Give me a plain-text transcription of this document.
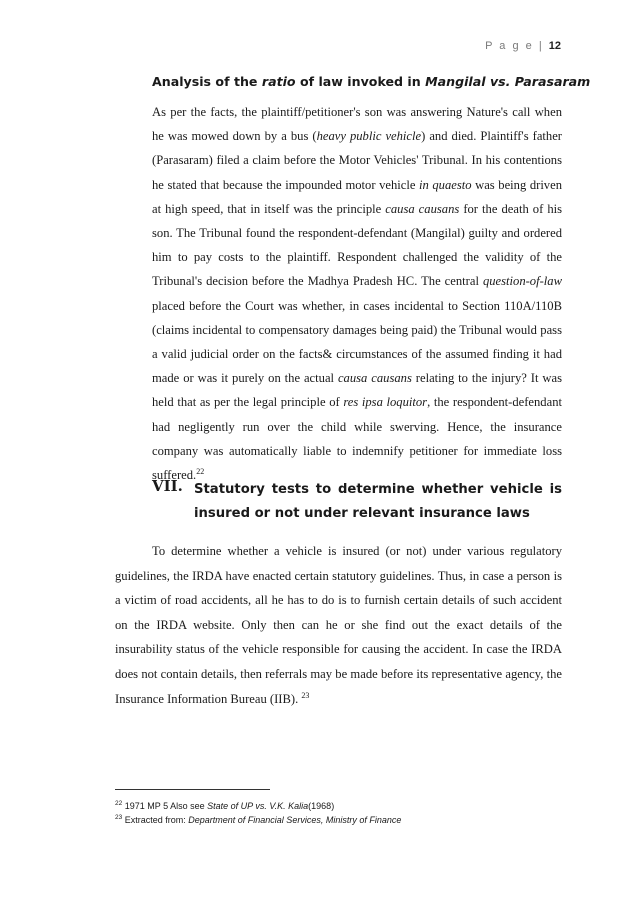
P a g e | 12
Analysis of the ratio of law invoked in Mangilal vs. Parasaram

As per the facts, the plaintiff/petitioner's son was answering Nature's call when he was mowed down by a bus (heavy public vehicle) and died. Plaintiff's father (Parasaram) filed a claim before the Motor Vehicles' Tribunal. In his contentions he stated that because the impounded motor vehicle in quaesto was being driven at high speed, that in itself was the principle causa causans for the death of his son. The Tribunal found the respondent-defendant (Mangilal) guilty and ordered him to pay costs to the plaintiff. Respondent challenged the validity of the Tribunal's decision before the Madhya Pradesh HC. The central question-of-law placed before the Court was whether, in cases incidental to Section 110A/110B (claims incidental to compensatory damages being paid) the Tribunal would pass a valid judicial order on the facts& circumstances of the assumed finding it had made or was it purely on the actual causa causans relating to the injury? It was held that as per the legal principle of res ipsa loquitor, the respondent-defendant had negligently run over the child while swerving. Hence, the insurance company was automatically liable to indemnify petitioner for immediate loss suffered.$^{22}$

VII. Statutory tests to determine whether vehicle is insured or not under relevant insurance laws

To determine whether a vehicle is insured (or not) under various regulatory guidelines, the IRDA have enacted certain statutory guidelines. Thus, in case a person is a victim of road accidents, all he has to do is to furnish certain details of such accident on the IRDA website. Only then can he or she find out the exact details of the insurability status of the vehicle responsible for causing the accident. In case the IRDA does not contain details, then referrals may be made before its representative agency, the Insurance Information Bureau (IIB). $^{23}$

$^{22}$ 1971 MP 5 Also see State of UP vs. V.K. Kalia(1968)
$^{23}$ Extracted from: Department of Financial Services, Ministry of Finance
